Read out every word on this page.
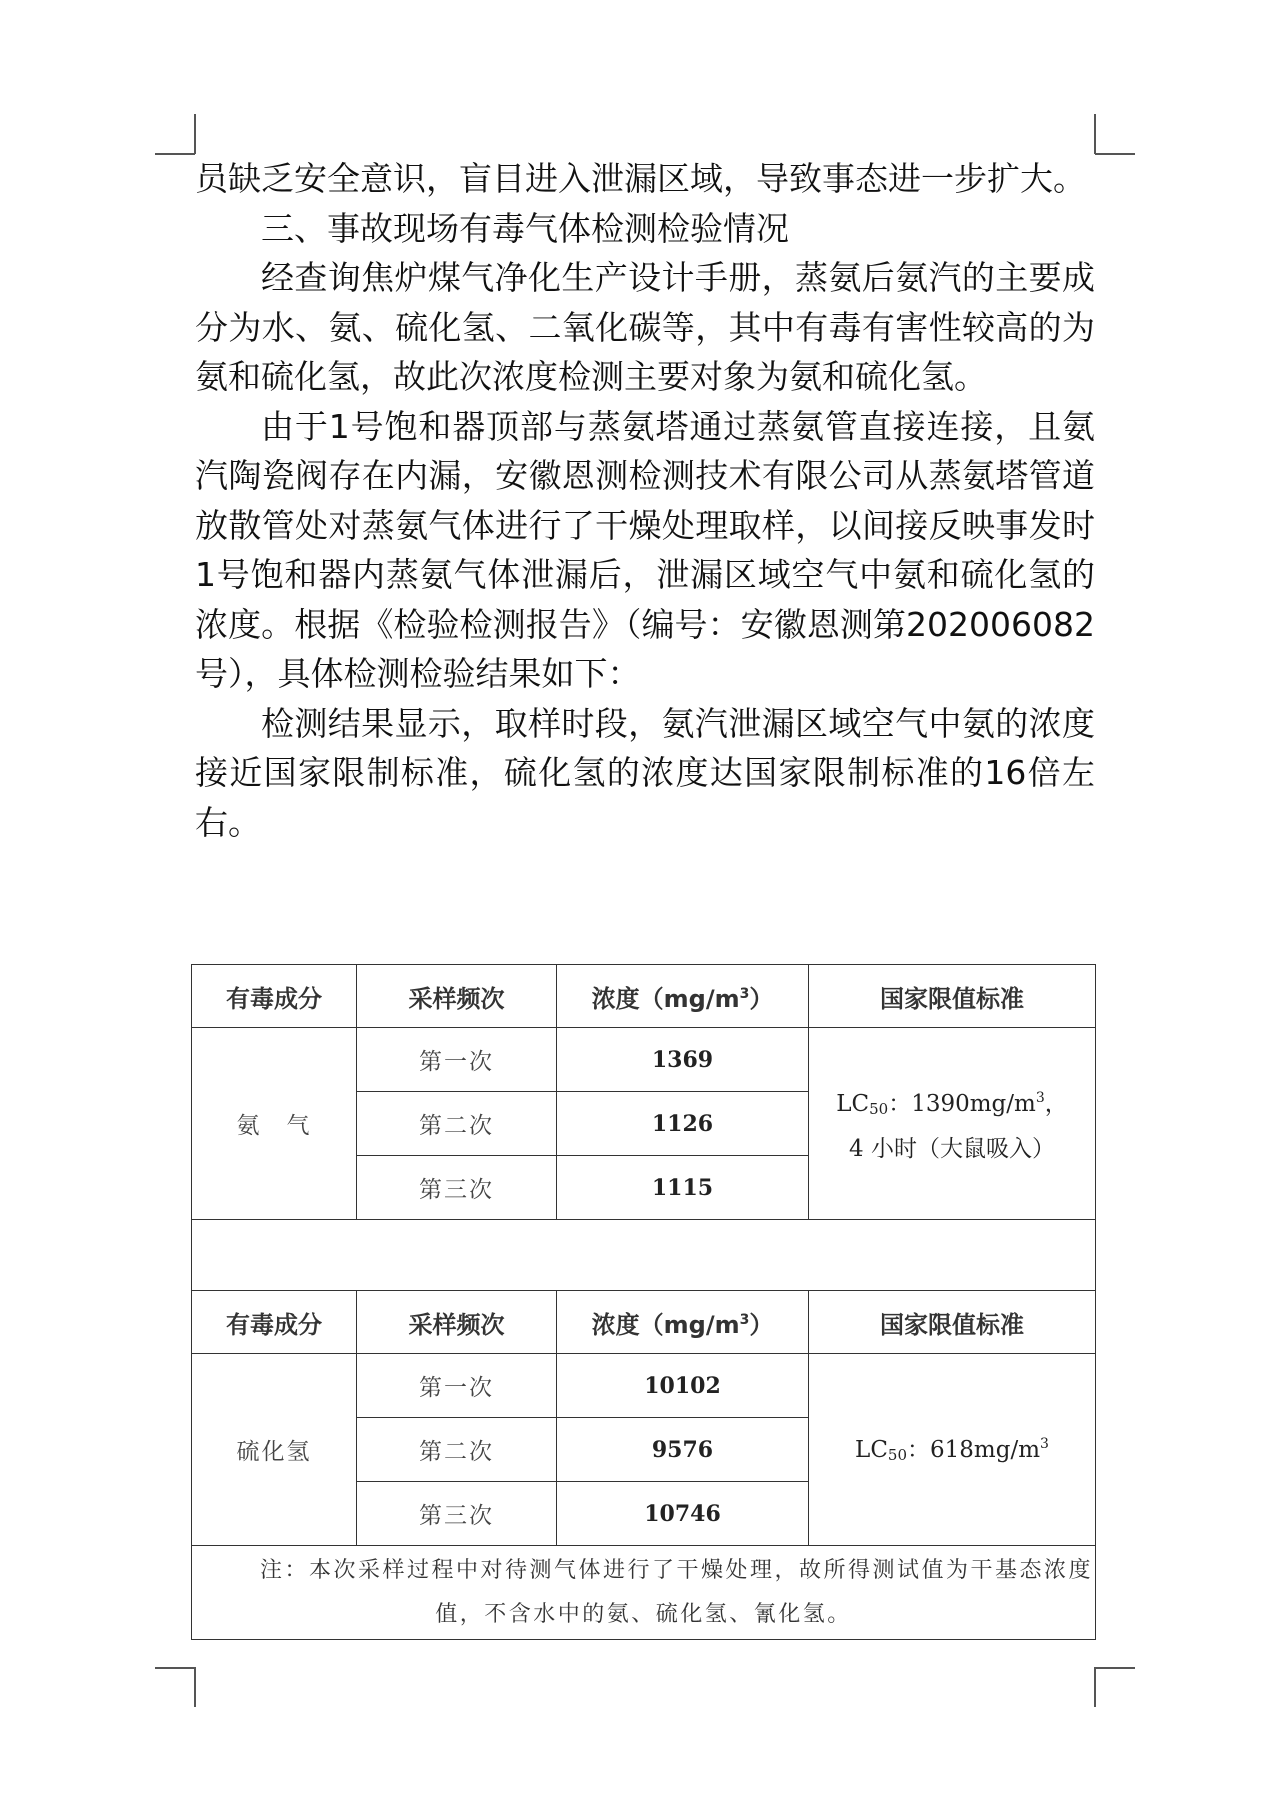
员缺乏安全意识，盲目进入泄漏区域，导致事态进一步扩大。

三、事故现场有毒气体检测检验情况

经查询焦炉煤气净化生产设计手册，蒸氨后氨汽的主要成分为水、氨、硫化氢、二氧化碳等，其中有毒有害性较高的为氨和硫化氢，故此次浓度检测主要对象为氨和硫化氢。

由于1号饱和器顶部与蒸氨塔通过蒸氨管直接连接，且氨汽陶瓷阀存在内漏，安徽恩测检测技术有限公司从蒸氨塔管道放散管处对蒸氨气体进行了干燥处理取样，以间接反映事发时1号饱和器内蒸氨气体泄漏后，泄漏区域空气中氨和硫化氢的浓度。根据《检验检测报告》（编号：安徽恩测第202006082号），具体检测检验结果如下：

检测结果显示，取样时段，氨汽泄漏区域空气中氨的浓度接近国家限制标准，硫化氢的浓度达国家限制标准的16倍左右。

有毒成分	采样频次	浓度$(mg/m^3)$	国家限值标准
氨　气	第一次	1369	$LC_{50}$：$1390mg/m^3$，
4 小时（大鼠吸入）
	第二次	1126	
	第三次	1115	

有毒成分	采样频次	浓度$(mg/m^3)$	国家限值标准
硫化氢	第一次	10102	$LC_{50}$：$618mg/m^3$
	第二次	9576	
	第三次	10746	
注：本次采样过程中对待测气体进行了干燥处理，故所得测试值为干基态浓度值，不含水中的氨、硫化氢、氰化氢。			
